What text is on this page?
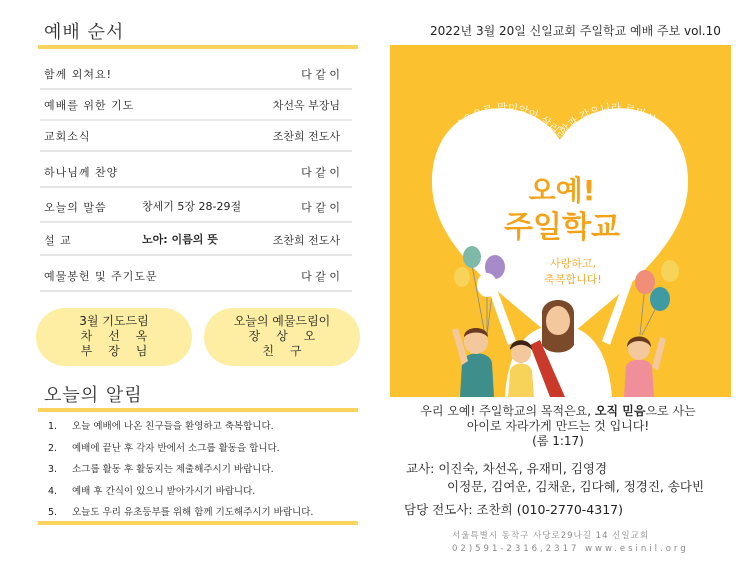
예배 순서
함께 외쳐요!	다 같 이
예배를 위한 기도	차선옥 부장님
교회소식	조찬희 전도사
하나님께 찬양	다 같 이
오늘의 말씀	창세기 5장 28-29절	다 같 이
설 교	노아: 이름의 뜻	조찬희 전도사
예물봉헌 및 주기도문	다 같 이
3월 기도드림
차선옥
부장님
오늘의 예물드림이
장상오
친구
오늘의 알림
1. 오늘 예배에 나온 친구들을 환영하고 축복합니다.
2. 예배에 끝난 후 각자 반에서 소그룹 활동을 합니다.
3. 소그룹 활동 후 활동지는 제출해주시기 바랍니다.
4. 예배 후 간식이 있으니 받아가시기 바랍니다.
5. 오늘도 우리 유초등부를 위해 함께 기도해주시기 바랍니다.
2022년 3월 20일 신일교회 주일학교 예배 주보 vol.10
오직 의인은 믿음으로 말미암아 살리라 함과 같으니라 로마서 1:17
오예!
주일학교
사랑하고,
축복합니다!
우리 오예! 주일학교의 목적은요, 오직 믿음으로 사는
아이로 자라가게 만드는 것 입니다!
(롬 1:17)
교사: 이진숙, 차선옥, 유재미, 김영경
이정문, 김여운, 김채운, 김다혜, 정경진, 송다빈
담당 전도사: 조찬희 (010-2770-4317)
서울특별시 동작구 사당로29나길 14 신일교회
02)591-2316,2317 www.esinil.org
